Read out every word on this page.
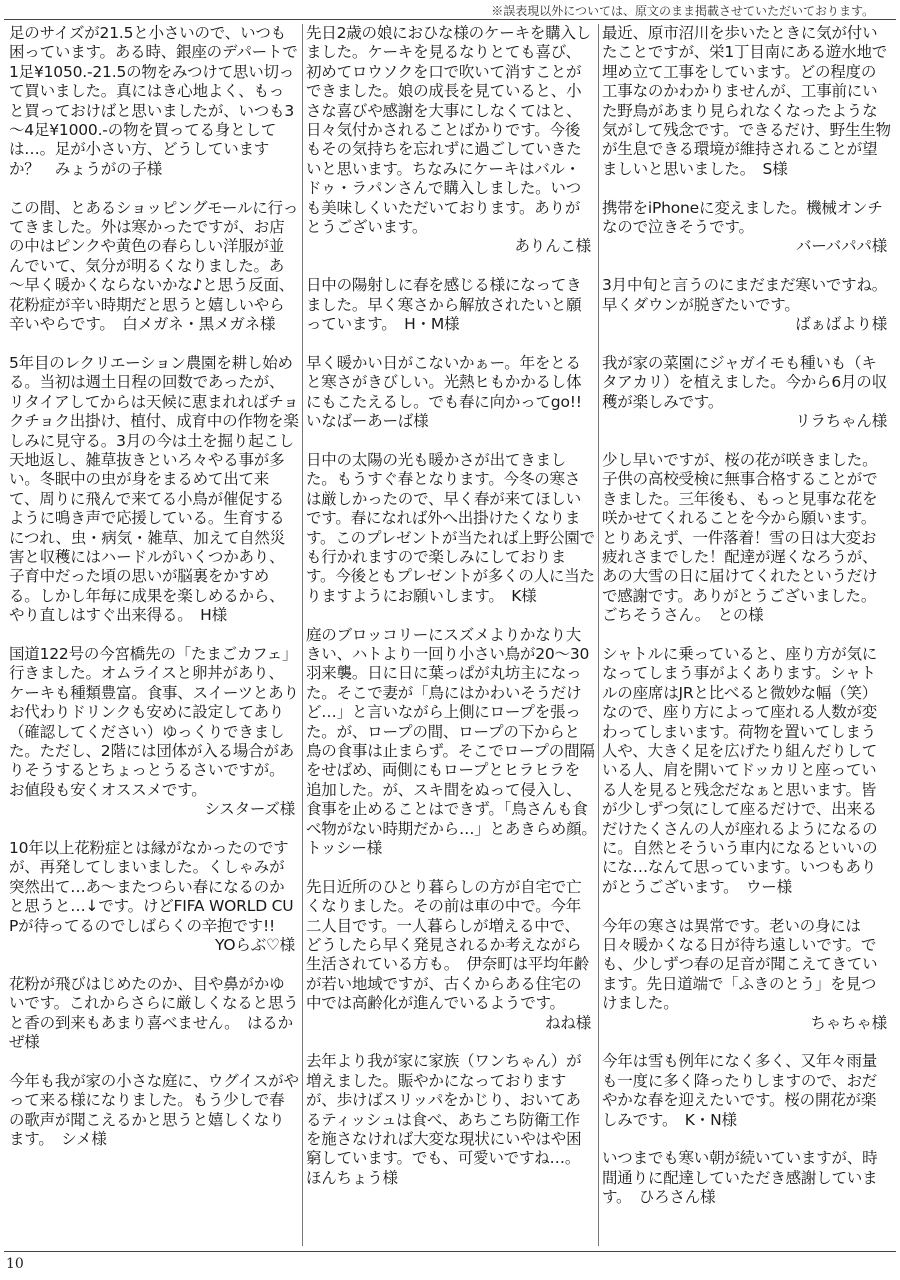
※誤表現以外については、原文のまま掲載させていただいております。

足のサイズが21.5と小さいので、いつも困っています。ある時、銀座のデパートで1足¥1050.-21.5の物をみつけて思い切って買いました。真にはき心地よく、もっと買っておけばと思いましたが、いつも3～4足¥1000.-の物を買ってる身としては…。足が小さい方、どうしていますか？　みょうがの子様

この間、とあるショッピングモールに行ってきました。外は寒かったですが、お店の中はピンクや黄色の春らしい洋服が並んでいて、気分が明るくなりました。あ～早く暖かくならないかな♪と思う反面、花粉症が辛い時期だと思うと嬉しいやら辛いやらです。　白メガネ・黒メガネ様

5年目のレクリエーション農園を耕し始める。当初は週土日程の回数であったが、リタイアしてからは天候に恵まれればチョクチョク出掛け、植付、成育中の作物を楽しみに見守る。3月の今は土を掘り起こし天地返し、雑草抜きといろ々やる事が多い。冬眠中の虫が身をまるめて出て来て、周りに飛んで来てる小鳥が催促するように鳴き声で応援している。生育するにつれ、虫・病気・雑草、加えて自然災害と収穫にはハードルがいくつかあり、子育中だった頃の思いが脳裏をかすめる。しかし年毎に成果を楽しめるから、やり直しはすぐ出来得る。　H様

国道122号の今宮橋先の「たまごカフェ」行きました。オムライスと卵丼があり、ケーキも種類豊富。食事、スイーツとありお代わりドリンクも安めに設定してあり（確認してください）ゆっくりできました。ただし、2階には団体が入る場合がありそうするとちょっとうるさいですが。お値段も安くオススメです。

シスターズ様

10年以上花粉症とは縁がなかったのですが、再発してしまいました。くしゃみが突然出て…あ～またつらい春になるのかと思うと…↓です。けどFIFA WORLD CUPが待ってるのでしばらくの辛抱です!!

YOらぶ♡様

花粉が飛びはじめたのか、目や鼻がかゆいです。これからさらに厳しくなると思うと香の到来もあまり喜べません。　はるかぜ様

今年も我が家の小さな庭に、ウグイスがやって来る様になりました。もう少しで春の歌声が聞こえるかと思うと嬉しくなります。　シメ様

先日2歳の娘におひな様のケーキを購入しました。ケーキを見るなりとても喜び、初めてロウソクを口で吹いて消すことができました。娘の成長を見ていると、小さな喜びや感謝を大事にしなくてはと、日々気付かされることばかりです。今後もその気持ちを忘れずに過ごしていきたいと思います。ちなみにケーキはバル・ドゥ・ラパンさんで購入しました。いつも美味しくいただいております。ありがとうございます。

ありんこ様

日中の陽射しに春を感じる様になってきました。早く寒さから解放されたいと願っています。　H・M様

早く暖かい日がこないかぁー。年をとると寒さがきびしい。光熱ヒもかかるし体にもこたえるし。でも春に向かってgo!!　いなばーあーば様

日中の太陽の光も暖かさが出てきました。もうすぐ春となります。今冬の寒さは厳しかったので、早く春が来てほしいです。春になれば外へ出掛けたくなります。このプレゼントが当たれば上野公園でも行かれますので楽しみにしております。今後ともプレゼントが多くの人に当たりますようにお願いします。　K様

庭のブロッコリーにスズメよりかなり大きい、ハトより一回り小さい鳥が20～30羽来襲。日に日に葉っぱが丸坊主になった。そこで妻が「鳥にはかわいそうだけど…」と言いながら上側にロープを張った。が、ロープの間、ロープの下からと鳥の食事は止まらず。そこでロープの間隔をせばめ、両側にもロープとヒラヒラを追加した。が、スキ間をぬって侵入し、食事を止めることはできず。「鳥さんも食べ物がない時期だから…」とあきらめ顔。　トッシー様

先日近所のひとり暮らしの方が自宅で亡くなりました。その前は車の中で。今年二人目です。一人暮らしが増える中で、どうしたら早く発見されるか考えながら生活されている方も。　伊奈町は平均年齢が若い地域ですが、古くからある住宅の中では高齢化が進んでいるようです。

ねね様

去年より我が家に家族（ワンちゃん）が増えました。賑やかになっておりますが、歩けばスリッパをかじり、おいてあるティッシュは食べ、あちこち防衛工作を施さなければ大変な現状にいやはや困窮しています。でも、可愛いですね…。ほんちょう様

最近、原市沼川を歩いたときに気が付いたことですが、栄1丁目南にある遊水地で埋め立て工事をしています。どの程度の工事なのかわかりませんが、工事前にいた野鳥があまり見られなくなったような気がして残念です。できるだけ、野生生物が生息できる環境が維持されることが望ましいと思いました。　S様

携帯をiPhoneに変えました。機械オンチなので泣きそうです。

バーバパパ様

3月中旬と言うのにまだまだ寒いですね。早くダウンが脱ぎたいです。

ばぁばより様

我が家の菜園にジャガイモも種いも（キタアカリ）を植えました。今から6月の収穫が楽しみです。

リラちゃん様

少し早いですが、桜の花が咲きました。子供の高校受検に無事合格することができました。三年後も、もっと見事な花を咲かせてくれることを今から願います。とりあえず、一件落着！雪の日は大変お疲れさまでした！配達が遅くなろうが、あの大雪の日に届けてくれたというだけで感謝です。ありがとうございました。ごちそうさん。　との様

シャトルに乗っていると、座り方が気になってしまう事がよくあります。シャトルの座席はJRと比べると微妙な幅（笑）なので、座り方によって座れる人数が変わってしまいます。荷物を置いてしまう人や、大きく足を広げたり組んだりしている人、肩を開いてドッカリと座っている人を見ると残念だなぁと思います。皆が少しずつ気にして座るだけで、出来るだけたくさんの人が座れるようになるのに。自然とそういう車内になるといいのにな…なんて思っています。いつもありがとうございます。　ウー様

今年の寒さは異常です。老いの身には日々暖かくなる日が待ち遠しいです。でも、少しずつ春の足音が聞こえてきています。先日道端で「ふきのとう」を見つけました。

ちゃちゃ様

今年は雪も例年になく多く、又年々雨量も一度に多く降ったりしますので、おだやかな春を迎えたいです。桜の開花が楽しみです。　K・N様

いつまでも寒い朝が続いていますが、時間通りに配達していただき感謝しています。　ひろさん様

10
